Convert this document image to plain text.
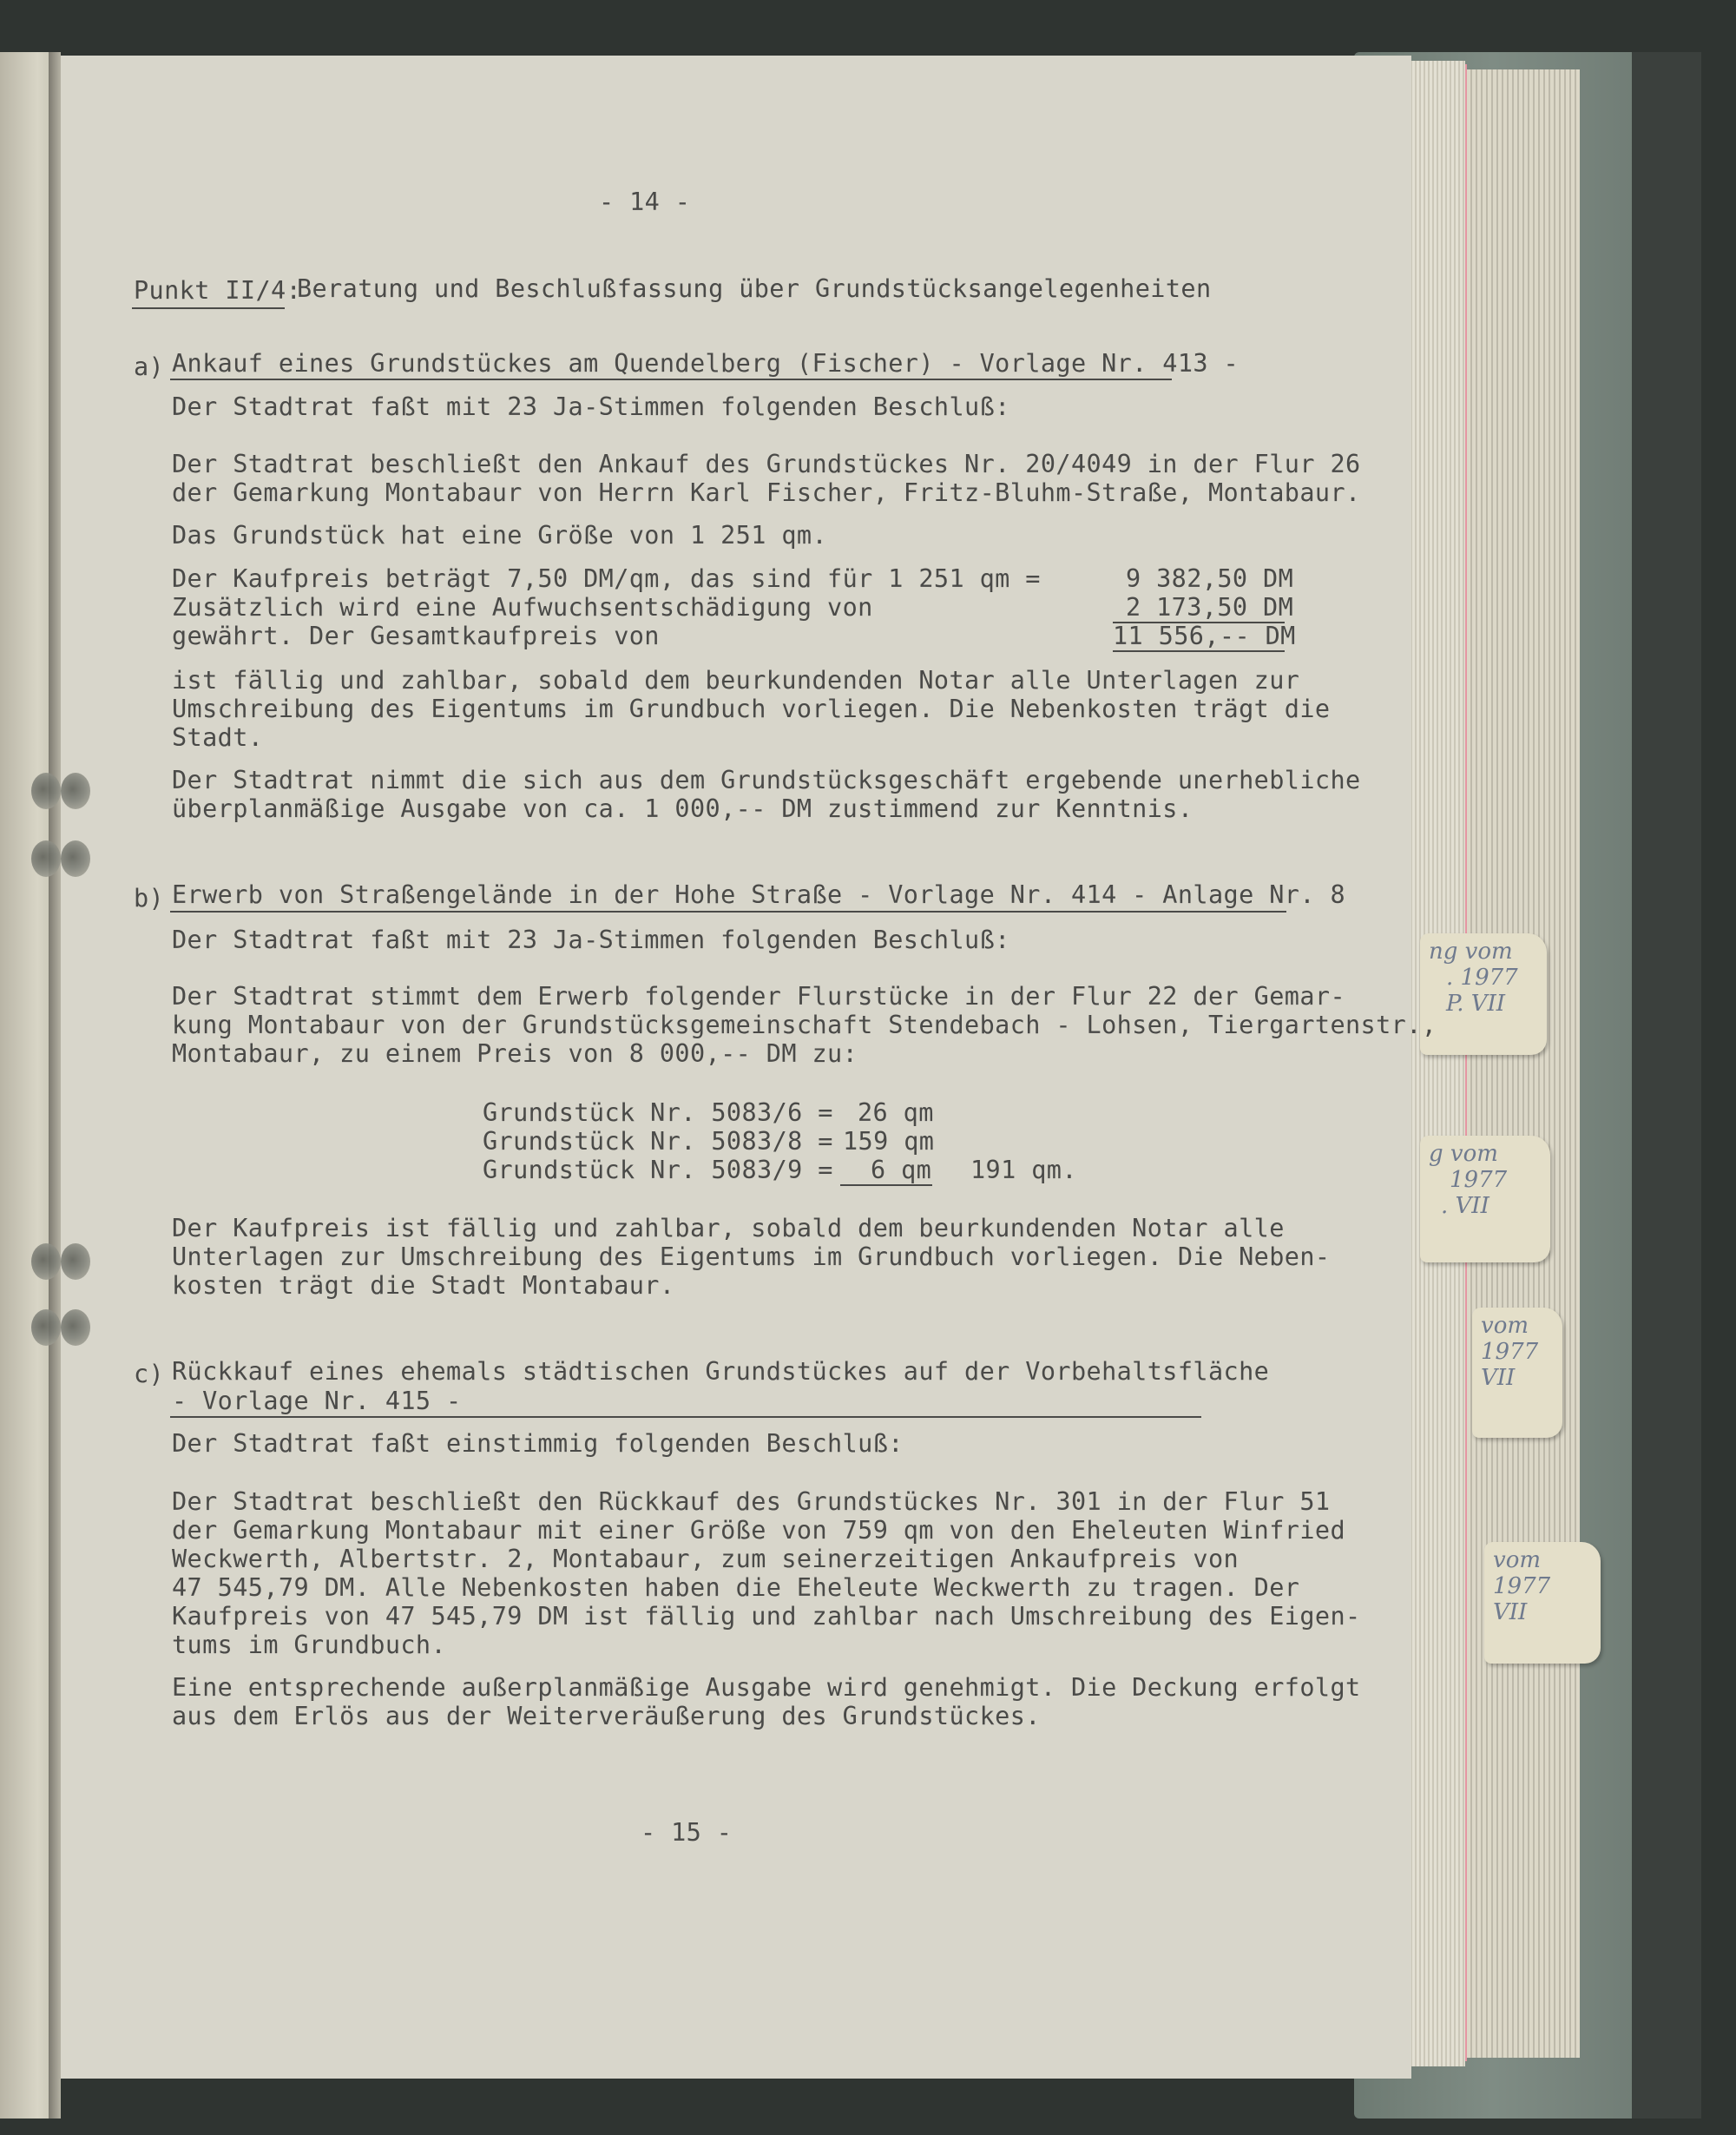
ng vom
. 1977
P. VII
g vom
1977
. VII
vom
1977
VII
vom
1977
VII
- 14 -
Punkt II/4:
Beratung und Beschlußfassung über Grundstücksangelegenheiten
a) Ankauf eines Grundstückes am Quendelberg (Fischer) - Vorlage Nr. 413 -
Der Stadtrat faßt mit 23 Ja-Stimmen folgenden Beschluß:
Der Stadtrat beschließt den Ankauf des Grundstückes Nr. 20/4049 in der Flur 26
der Gemarkung Montabaur von Herrn Karl Fischer, Fritz-Bluhm-Straße, Montabaur.
Das Grundstück hat eine Größe von 1 251 qm.
Der Kaufpreis beträgt 7,50 DM/qm, das sind für 1 251 qm =	9 382,50 DM
Zusätzlich wird eine Aufwuchsentschädigung von	2 173,50 DM
gewährt. Der Gesamtkaufpreis von	11 556,-- DM
ist fällig und zahlbar, sobald dem beurkundenden Notar alle Unterlagen zur
Umschreibung des Eigentums im Grundbuch vorliegen. Die Nebenkosten trägt die
Stadt.
Der Stadtrat nimmt die sich aus dem Grundstücksgeschäft ergebende unerhebliche
überplanmäßige Ausgabe von ca. 1 000,-- DM zustimmend zur Kenntnis.
b) Erwerb von Straßengelände in der Hohe Straße - Vorlage Nr. 414 - Anlage Nr. 8
Der Stadtrat faßt mit 23 Ja-Stimmen folgenden Beschluß:
Der Stadtrat stimmt dem Erwerb folgender Flurstücke in der Flur 22 der Gemar-
kung Montabaur von der Grundstücksgemeinschaft Stendebach - Lohsen, Tiergartenstr.,
Montabaur, zu einem Preis von 8 000,-- DM zu:
Grundstück Nr. 5083/6 = 26 qm
Grundstück Nr. 5083/8 = 159 qm
Grundstück Nr. 5083/9 = 6 qm 191 qm.
Der Kaufpreis ist fällig und zahlbar, sobald dem beurkundenden Notar alle
Unterlagen zur Umschreibung des Eigentums im Grundbuch vorliegen. Die Neben-
kosten trägt die Stadt Montabaur.
c) Rückkauf eines ehemals städtischen Grundstückes auf der Vorbehaltsfläche
- Vorlage Nr. 415 -
Der Stadtrat faßt einstimmig folgenden Beschluß:
Der Stadtrat beschließt den Rückkauf des Grundstückes Nr. 301 in der Flur 51
der Gemarkung Montabaur mit einer Größe von 759 qm von den Eheleuten Winfried
Weckwerth, Albertstr. 2, Montabaur, zum seinerzeitigen Ankaufpreis von
47 545,79 DM. Alle Nebenkosten haben die Eheleute Weckwerth zu tragen. Der
Kaufpreis von 47 545,79 DM ist fällig und zahlbar nach Umschreibung des Eigen-
tums im Grundbuch.
Eine entsprechende außerplanmäßige Ausgabe wird genehmigt. Die Deckung erfolgt
aus dem Erlös aus der Weiterveräußerung des Grundstückes.
- 15 -
